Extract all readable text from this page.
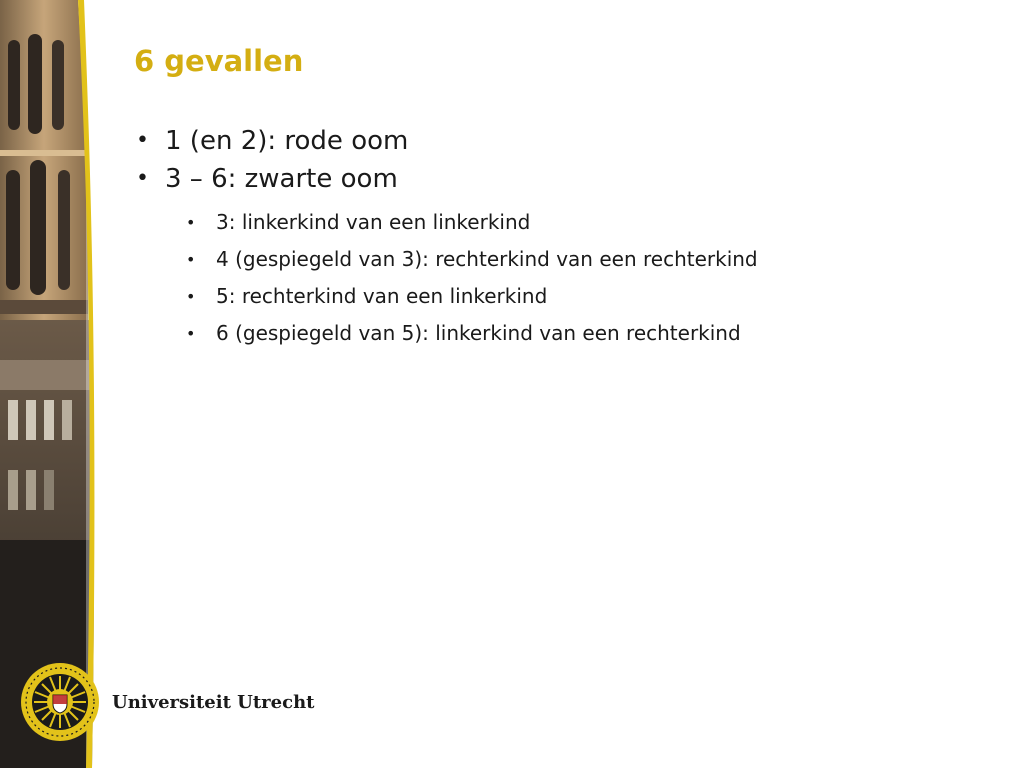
6 gevallen
• 1 (en 2): rode oom
• 3 – 6: zwarte oom
• 3: linkerkind van een linkerkind
• 4 (gespiegeld van 3): rechterkind van een rechterkind
• 5: rechterkind van een linkerkind
• 6 (gespiegeld van 5): linkerkind van een rechterkind
Universiteit Utrecht
